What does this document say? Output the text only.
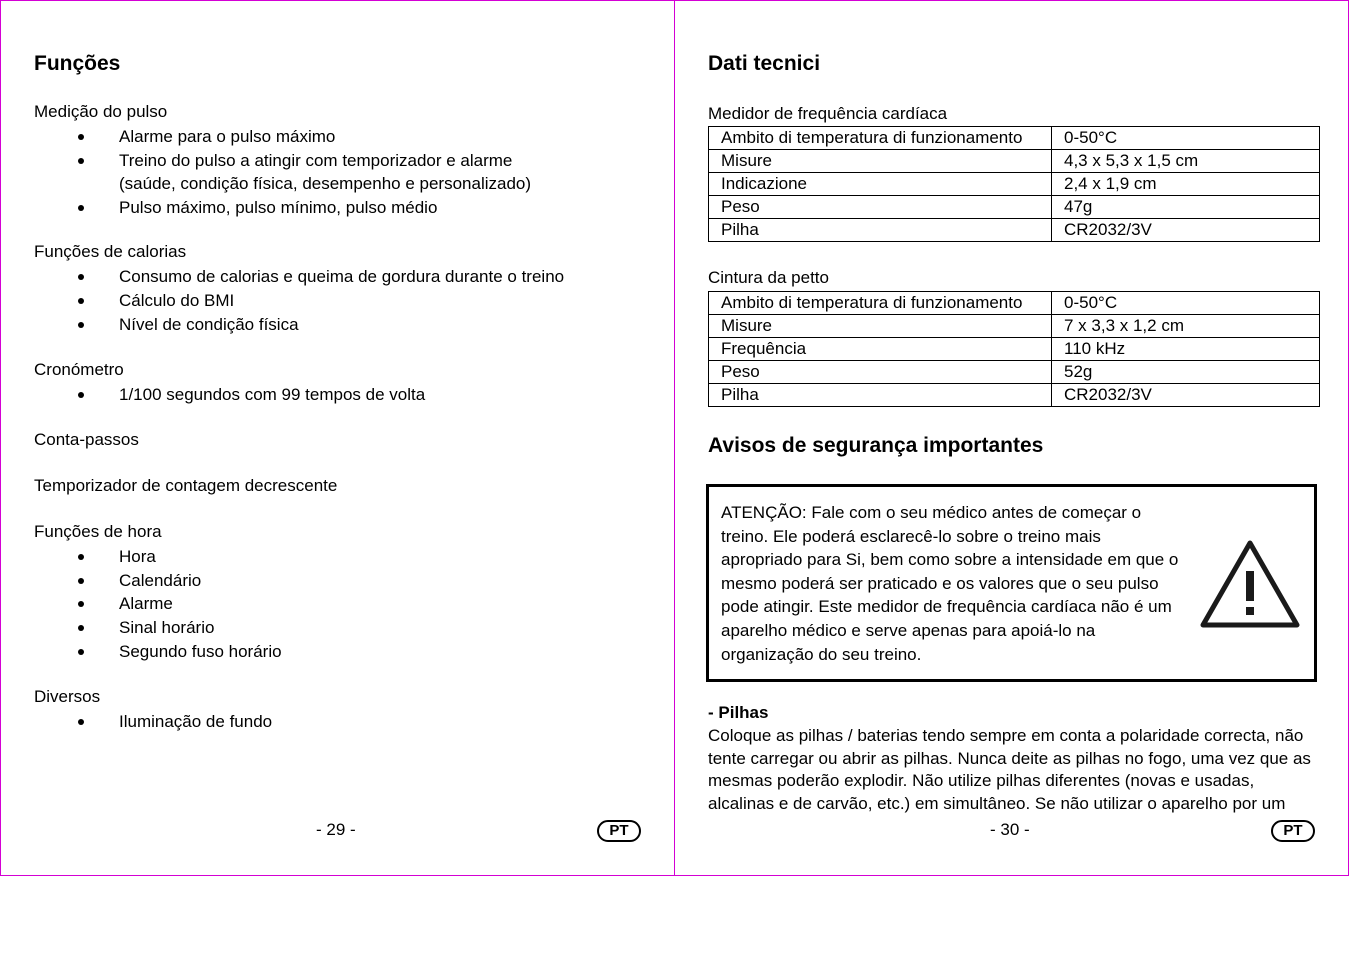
Funções
Medição do pulso
Alarme para o pulso máximo
Treino do pulso a atingir com temporizador e alarme
(saúde, condição física, desempenho e personalizado)
Pulso máximo, pulso mínimo, pulso médio
Funções de calorias
Consumo de calorias e queima de gordura durante o treino
Cálculo do BMI
Nível de condição física
Cronómetro
1/100 segundos com 99 tempos de volta
Conta-passos
Temporizador de contagem decrescente
Funções de hora
Hora
Calendário
Alarme
Sinal horário
Segundo fuso horário
Diversos
Iluminação de fundo
- 29 -	PT
Dati tecnici
Medidor de frequência cardíaca
Ambito di temperatura di funzionamento	0-50°C
Misure	4,3 x 5,3 x 1,5 cm
Indicazione	2,4 x 1,9 cm
Peso	47g
Pilha	CR2032/3V
Cintura da petto
Ambito di temperatura di funzionamento	0-50°C
Misure	7 x 3,3 x 1,2 cm
Frequência	110 kHz
Peso	52g
Pilha	CR2032/3V
Avisos de segurança importantes
ATENÇÃO: Fale com o seu médico antes de começar o treino. Ele poderá esclarecê-lo sobre o treino mais apropriado para Si, bem como sobre a intensidade em que o mesmo poderá ser praticado e os valores que o seu pulso pode atingir. Este medidor de frequência cardíaca não é um aparelho médico e serve apenas para apoiá-lo na organização do seu treino.
- Pilhas
Coloque as pilhas / baterias tendo sempre em conta a polaridade correcta, não tente carregar ou abrir as pilhas. Nunca deite as pilhas no fogo, uma vez que as mesmas poderão explodir. Não utilize pilhas diferentes (novas e usadas, alcalinas e de carvão, etc.) em simultâneo. Se não utilizar o aparelho por um
- 30 -	PT
